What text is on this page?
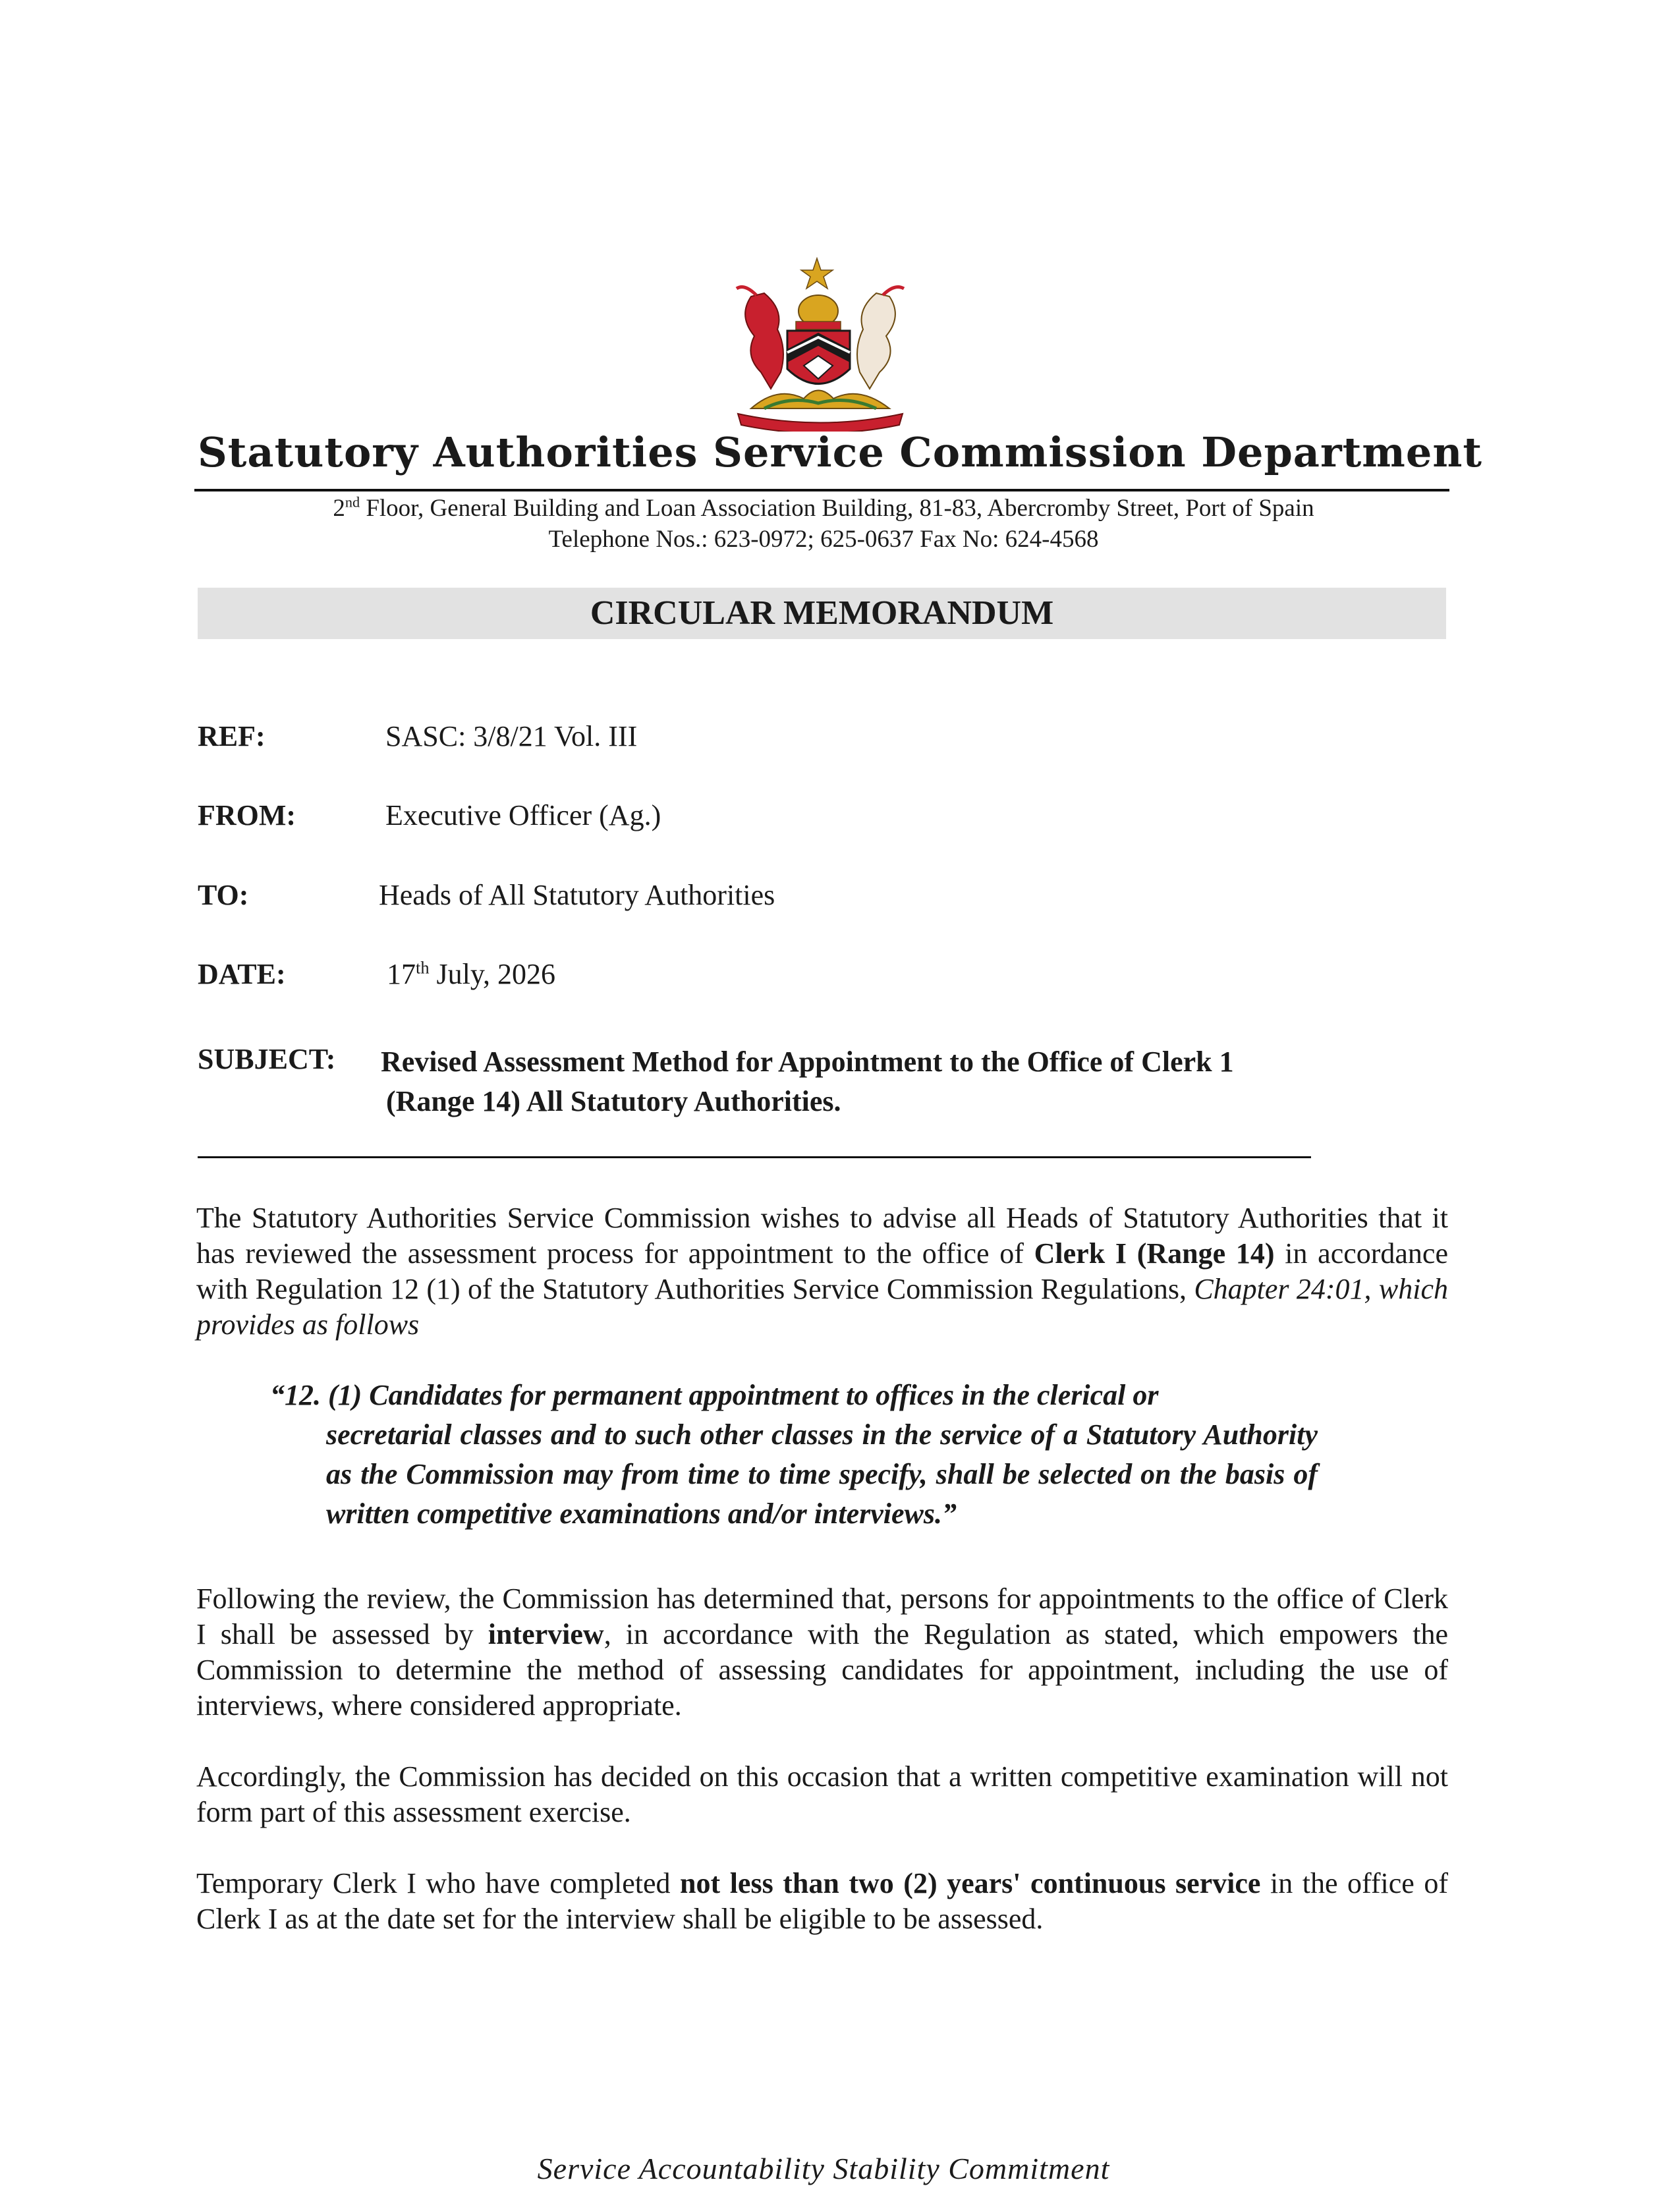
Statutory Authorities Service Commission Department
2nd Floor, General Building and Loan Association Building, 81-83, Abercromby Street, Port of Spain
Telephone Nos.: 623-0972; 625-0637 Fax No: 624-4568
CIRCULAR MEMORANDUM
REF:	SASC: 3/8/21 Vol. III
FROM:	Executive Officer (Ag.)
TO:	Heads of All Statutory Authorities
DATE:	17th July, 2026
SUBJECT: Revised Assessment Method for Appointment to the Office of Clerk 1
(Range 14) All Statutory Authorities.
The Statutory Authorities Service Commission wishes to advise all Heads of Statutory Authorities that it has reviewed the assessment process for appointment to the office of Clerk I (Range 14) in accordance with Regulation 12 (1) of the Statutory Authorities Service Commission Regulations, Chapter 24:01, which provides as follows
“12. (1) Candidates for permanent appointment to offices in the clerical or
secretarial classes and to such other classes in the service of a Statutory Authority as the Commission may from time to time specify, shall be selected on the basis of written competitive examinations and/or interviews.”
Following the review, the Commission has determined that, persons for appointments to the office of Clerk I shall be assessed by interview, in accordance with the Regulation as stated, which empowers the Commission to determine the method of assessing candidates for appointment, including the use of interviews, where considered appropriate.
Accordingly, the Commission has decided on this occasion that a written competitive examination will not form part of this assessment exercise.
Temporary Clerk I who have completed not less than two (2) years' continuous service in the office of Clerk I as at the date set for the interview shall be eligible to be assessed.
Service Accountability Stability Commitment
